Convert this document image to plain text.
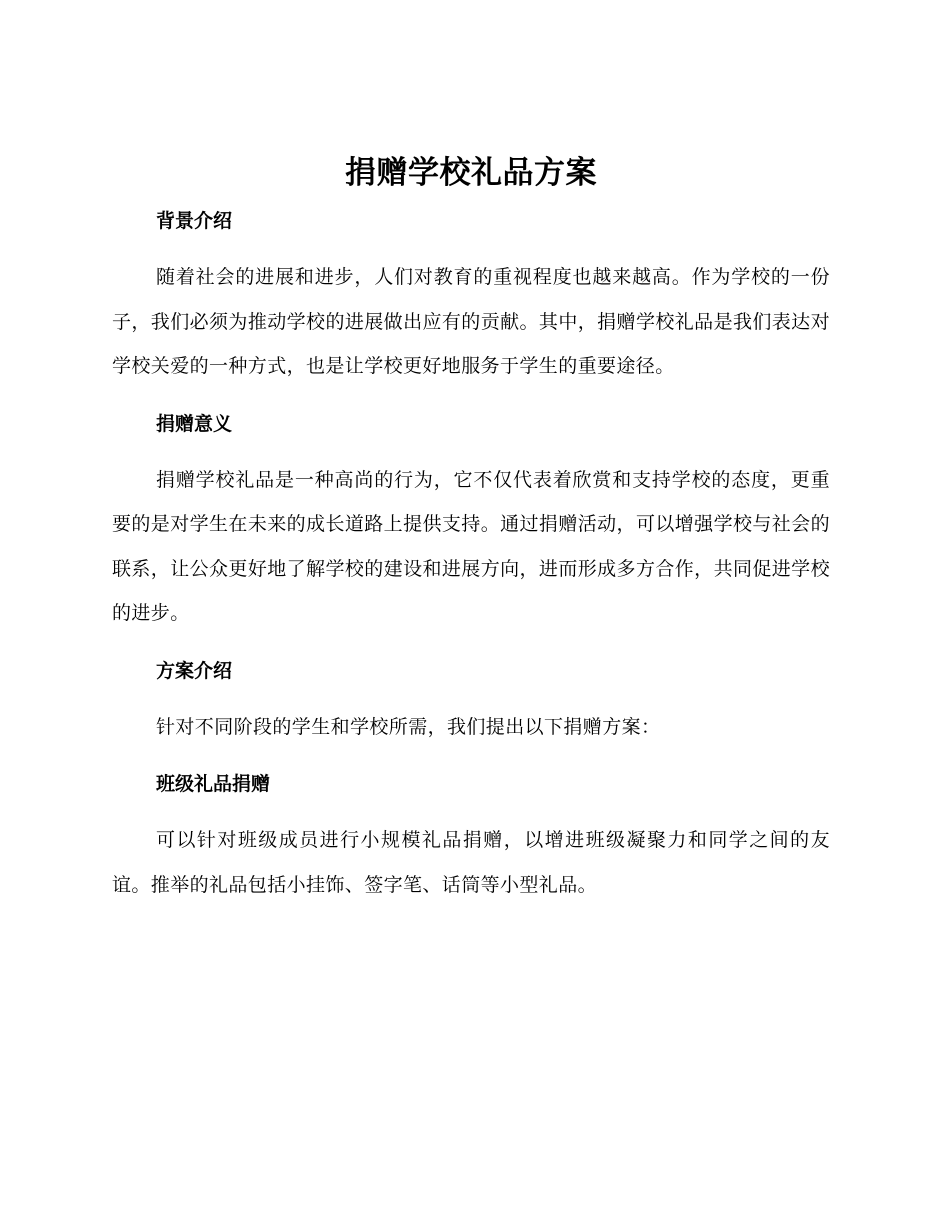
捐赠学校礼品方案
背景介绍

随着社会的进展和进步，人们对教育的重视程度也越来越高。作为学校的一份子，我们必须为推动学校的进展做出应有的贡献。其中，捐赠学校礼品是我们表达对学校关爱的一种方式，也是让学校更好地服务于学生的重要途径。

捐赠意义

捐赠学校礼品是一种高尚的行为，它不仅代表着欣赏和支持学校的态度，更重要的是对学生在未来的成长道路上提供支持。通过捐赠活动，可以增强学校与社会的联系，让公众更好地了解学校的建设和进展方向，进而形成多方合作，共同促进学校的进步。

方案介绍

针对不同阶段的学生和学校所需，我们提出以下捐赠方案：

班级礼品捐赠

可以针对班级成员进行小规模礼品捐赠，以增进班级凝聚力和同学之间的友谊。推举的礼品包括小挂饰、签字笔、话筒等小型礼品。
